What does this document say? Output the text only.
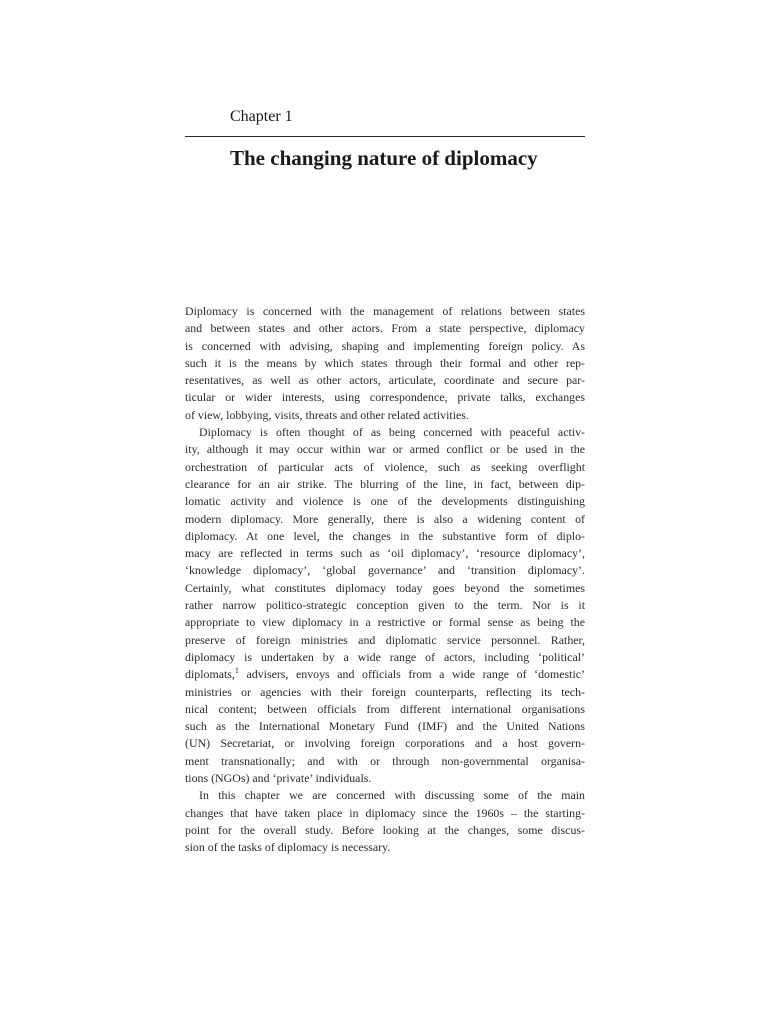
Chapter 1
The changing nature of diplomacy
Diplomacy is concerned with the management of relations between states
and between states and other actors. From a state perspective, diplomacy
is concerned with advising, shaping and implementing foreign policy. As
such it is the means by which states through their formal and other rep-
resentatives, as well as other actors, articulate, coordinate and secure par-
ticular or wider interests, using correspondence, private talks, exchanges
of view, lobbying, visits, threats and other related activities.
Diplomacy is often thought of as being concerned with peaceful activ-
ity, although it may occur within war or armed conflict or be used in the
orchestration of particular acts of violence, such as seeking overflight
clearance for an air strike. The blurring of the line, in fact, between dip-
lomatic activity and violence is one of the developments distinguishing
modern diplomacy. More generally, there is also a widening content of
diplomacy. At one level, the changes in the substantive form of diplo-
macy are reflected in terms such as ‘oil diplomacy’, ‘resource diplomacy’,
‘knowledge diplomacy’, ‘global governance’ and ‘transition diplomacy’.
Certainly, what constitutes diplomacy today goes beyond the sometimes
rather narrow politico-strategic conception given to the term. Nor is it
appropriate to view diplomacy in a restrictive or formal sense as being the
preserve of foreign ministries and diplomatic service personnel. Rather,
diplomacy is undertaken by a wide range of actors, including ‘political’
diplomats,$^1$ advisers, envoys and officials from a wide range of ‘domestic’
ministries or agencies with their foreign counterparts, reflecting its tech-
nical content; between officials from different international organisations
such as the International Monetary Fund (IMF) and the United Nations
(UN) Secretariat, or involving foreign corporations and a host govern-
ment transnationally; and with or through non-governmental organisa-
tions (NGOs) and ‘private’ individuals.
In this chapter we are concerned with discussing some of the main
changes that have taken place in diplomacy since the 1960s – the starting-
point for the overall study. Before looking at the changes, some discus-
sion of the tasks of diplomacy is necessary.
